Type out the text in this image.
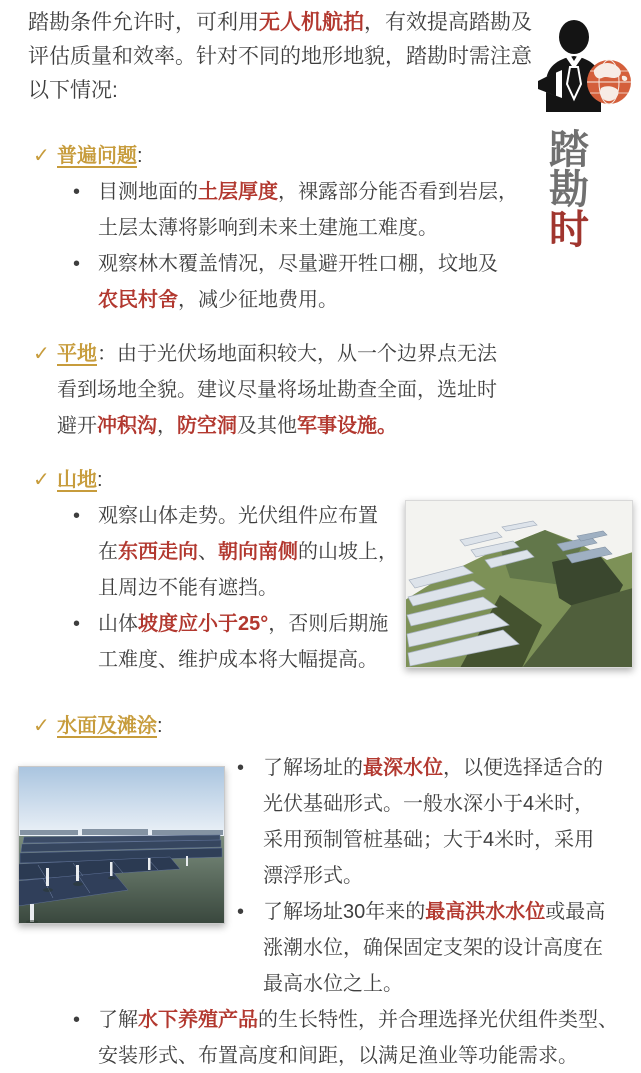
踏勘条件允许时，可利用无人机航拍，有效提高踏勘及
评估质量和效率。针对不同的地形地貌，踏勘时需注意
以下情况:
踏
勘
时
✓ 普遍问题:
• 目测地面的土层厚度，裸露部分能否看到岩层，
土层太薄将影响到未来土建施工难度。
• 观察林木覆盖情况，尽量避开牲口棚，坟地及
农民村舍，减少征地费用。
✓ 平地：由于光伏场地面积较大，从一个边界点无法
看到场地全貌。建议尽量将场址勘查全面，选址时
避开冲积沟，防空洞及其他军事设施。
✓ 山地:
• 观察山体走势。光伏组件应布置
在东西走向、朝向南侧的山坡上，
且周边不能有遮挡。
• 山体坡度应小于25°，否则后期施
工难度、维护成本将大幅提高。
✓ 水面及滩涂:
• 了解场址的最深水位，以便选择适合的
光伏基础形式。一般水深小于4米时，
采用预制管桩基础；大于4米时，采用
漂浮形式。
• 了解场址30年来的最高洪水水位或最高
涨潮水位，确保固定支架的设计高度在
最高水位之上。
• 了解水下养殖产品的生长特性，并合理选择光伏组件类型、
安装形式、布置高度和间距，以满足渔业等功能需求。
